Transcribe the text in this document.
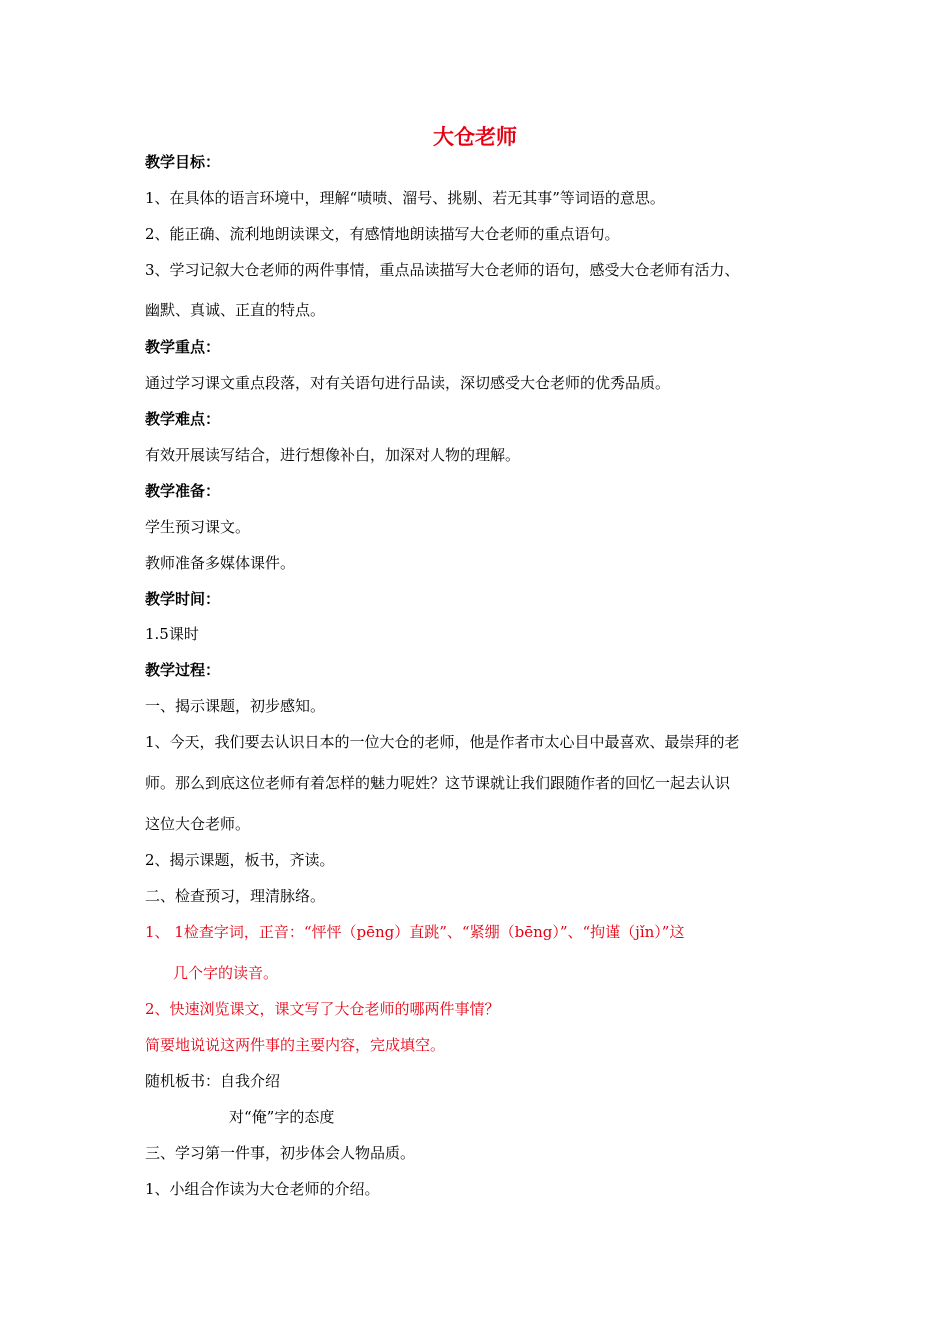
大仓老师
教学目标：
1、在具体的语言环境中，理解“啧啧、溜号、挑剔、若无其事”等词语的意思。
2、能正确、流利地朗读课文，有感情地朗读描写大仓老师的重点语句。
3、学习记叙大仓老师的两件事情，重点品读描写大仓老师的语句，感受大仓老师有活力、
幽默、真诚、正直的特点。
教学重点：
通过学习课文重点段落，对有关语句进行品读，深切感受大仓老师的优秀品质。
教学难点：
有效开展读写结合，进行想像补白，加深对人物的理解。
教学准备：
学生预习课文。
教师准备多媒体课件。
教学时间：
1.5课时
教学过程：
一、揭示课题，初步感知。
1、今天，我们要去认识日本的一位大仓的老师，他是作者市太心目中最喜欢、最崇拜的老
师。那么到底这位老师有着怎样的魅力呢姓？这节课就让我们跟随作者的回忆一起去认识
这位大仓老师。
2、揭示课题，板书，齐读。
二、检查预习，理清脉络。
1、 1检查字词，正音：“怦怦（pēng）直跳”、“紧绷（bēng）”、“拘谨（jǐn）”这
几个字的读音。
2、快速浏览课文，课文写了大仓老师的哪两件事情？
简要地说说这两件事的主要内容，完成填空。
随机板书：自我介绍
对“俺”字的态度
三、学习第一件事，初步体会人物品质。
1、小组合作读为大仓老师的介绍。
